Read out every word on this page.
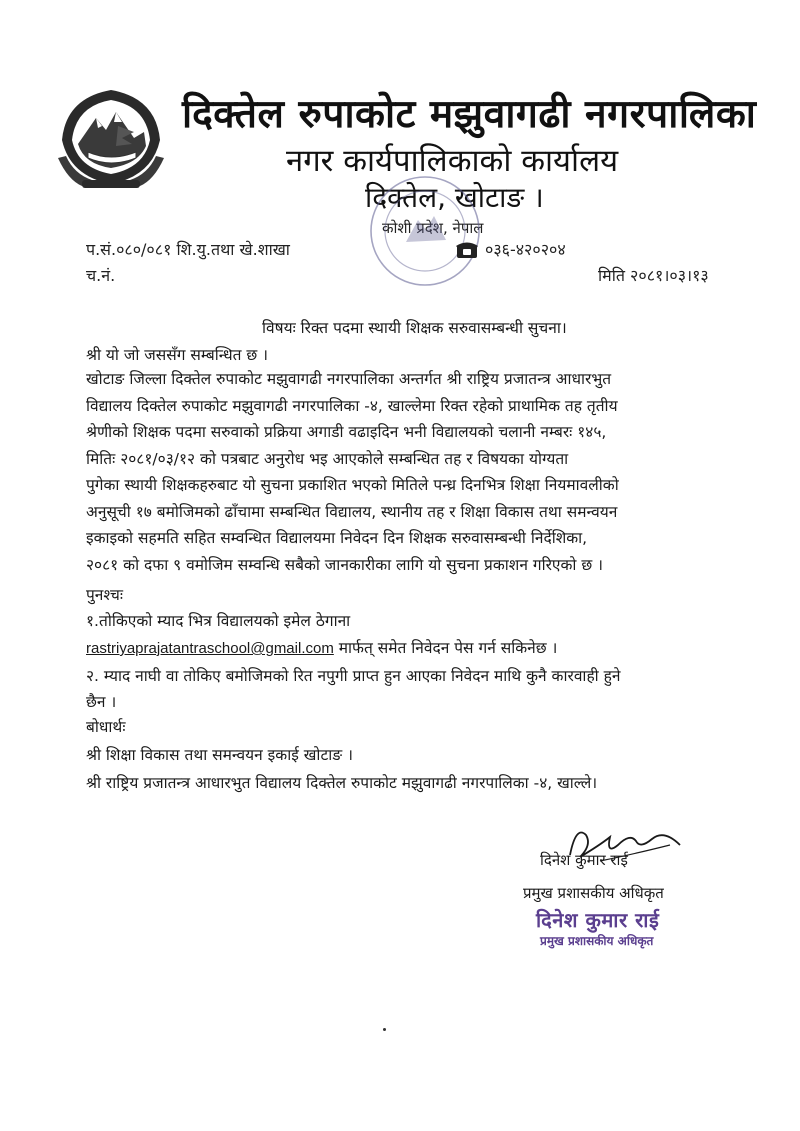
दिक्तेल रुपाकोट मझुवागढी नगरपालिका
नगर कार्यपालिकाको कार्यालय
दिक्तेल, खोटाङ ।
कोशी प्रदेश, नेपाल
प.सं.०८०/०८१ शि.यु.तथा खे.शाखा
च.नं.
०३६-४२०२०४
मिति २०८१।०३।१३
विषयः रिक्त पदमा स्थायी शिक्षक सरुवासम्बन्धी सुचना।
श्री यो जो जससँग सम्बन्धित छ ।
खोटाङ जिल्ला दिक्तेल रुपाकोट मझुवागढी नगरपालिका अन्तर्गत श्री राष्ट्रिय प्रजातन्त्र आधारभुत
विद्यालय दिक्तेल रुपाकोट मझुवागढी नगरपालिका -४, खाल्लेमा रिक्त रहेको प्राथामिक तह तृतीय
श्रेणीको शिक्षक पदमा सरुवाको प्रक्रिया अगाडी वढाइदिन भनी विद्यालयको चलानी नम्बरः १४५,
मितिः २०८१/०३/१२ को पत्रबाट अनुरोध भइ आएकोले सम्बन्धित तह र विषयका योग्यता
पुगेका स्थायी शिक्षकहरुबाट यो सुचना प्रकाशित भएको मितिले पन्ध्र दिनभित्र शिक्षा नियमावलीको
अनुसूची १७ बमोजिमको ढाँचामा सम्बन्धित विद्यालय, स्थानीय तह र शिक्षा विकास तथा समन्वयन
इकाइको सहमति सहित सम्वन्धित विद्यालयमा निवेदन दिन शिक्षक सरुवासम्बन्धी निर्देशिका,
२०८१ को दफा ९ वमोजिम सम्वन्धि सबैको जानकारीका लागि यो सुचना प्रकाशन गरिएको छ ।
पुनश्चः
१.तोकिएको म्याद भित्र विद्यालयको इमेल ठेगाना
rastriyaprajatantraschool@gmail.com मार्फत् समेत निवेदन पेस गर्न सकिनेछ ।
२. म्याद नाघी वा तोकिए बमोजिमको रित नपुगी प्राप्त हुन आएका निवेदन माथि कुनै कारवाही हुने
छैन ।
बोधार्थः
श्री शिक्षा विकास तथा समन्वयन इकाई खोटाङ ।
श्री राष्ट्रिय प्रजातन्त्र आधारभुत विद्यालय दिक्तेल रुपाकोट मझुवागढी नगरपालिका -४, खाल्ले।
दिनेश कुमार राई
प्रमुख प्रशासकीय अधिकृत
दिनेश कुमार राई
प्रमुख प्रशासकीय अधिकृत
